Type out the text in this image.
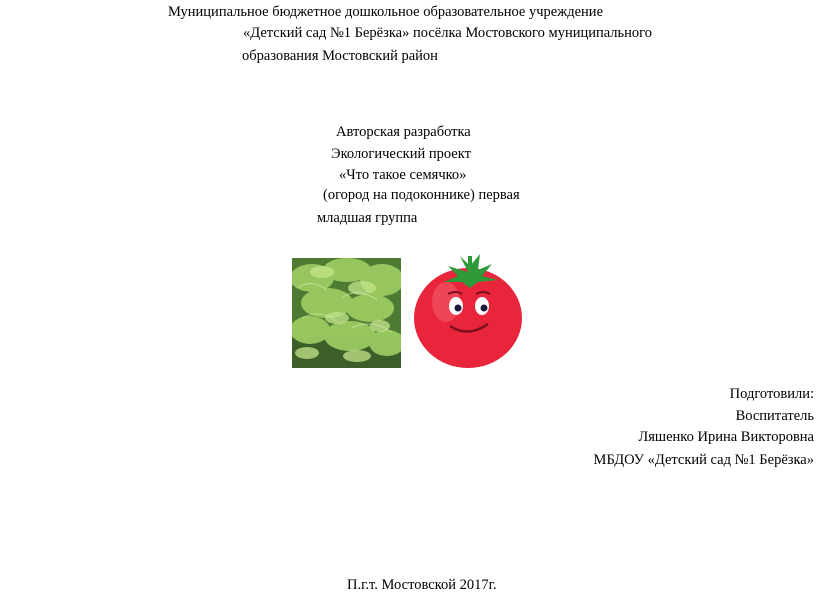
Муниципальное бюджетное дошкольное образовательное учреждение
«Детский сад №1 Берёзка» посёлка Мостовского муниципального
образования Мостовский район
Авторская разработка
Экологический проект
«Что такое семячко»
(огород на подоконнике) первая
младшая группа
Подготовили:
Воспитатель
Ляшенко Ирина Викторовна
МБДОУ «Детский сад №1 Берёзка»
П.г.т. Мостовской 2017г.
